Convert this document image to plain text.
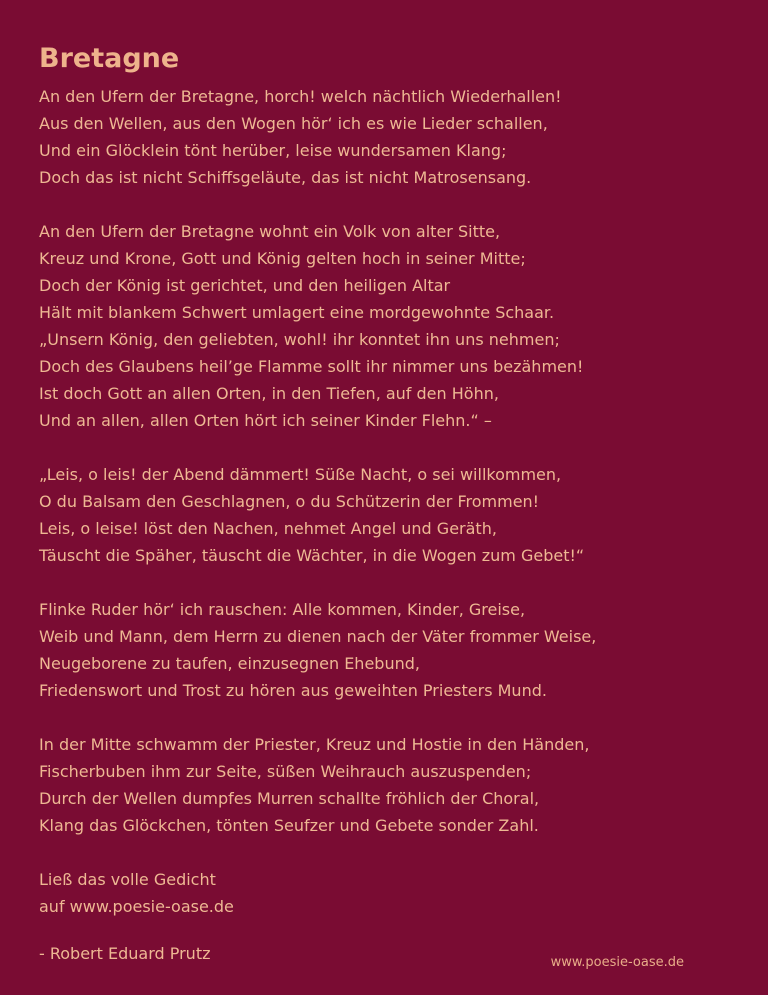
Bretagne
An den Ufern der Bretagne, horch! welch nächtlich Wiederhallen!
Aus den Wellen, aus den Wogen hör‘ ich es wie Lieder schallen,
Und ein Glöcklein tönt herüber, leise wundersamen Klang;
Doch das ist nicht Schiffsgeläute, das ist nicht Matrosensang.
An den Ufern der Bretagne wohnt ein Volk von alter Sitte,
Kreuz und Krone, Gott und König gelten hoch in seiner Mitte;
Doch der König ist gerichtet, und den heiligen Altar
Hält mit blankem Schwert umlagert eine mordgewohnte Schaar.
„Unsern König, den geliebten, wohl! ihr konntet ihn uns nehmen;
Doch des Glaubens heil’ge Flamme sollt ihr nimmer uns bezähmen!
Ist doch Gott an allen Orten, in den Tiefen, auf den Höhn,
Und an allen, allen Orten hört ich seiner Kinder Flehn.“ –
„Leis, o leis! der Abend dämmert! Süße Nacht, o sei willkommen,
O du Balsam den Geschlagnen, o du Schützerin der Frommen!
Leis, o leise! löst den Nachen, nehmet Angel und Geräth,
Täuscht die Späher, täuscht die Wächter, in die Wogen zum Gebet!“
Flinke Ruder hör‘ ich rauschen: Alle kommen, Kinder, Greise,
Weib und Mann, dem Herrn zu dienen nach der Väter frommer Weise,
Neugeborene zu taufen, einzusegnen Ehebund,
Friedenswort und Trost zu hören aus geweihten Priesters Mund.
In der Mitte schwamm der Priester, Kreuz und Hostie in den Händen,
Fischerbuben ihm zur Seite, süßen Weihrauch auszuspenden;
Durch der Wellen dumpfes Murren schallte fröhlich der Choral,
Klang das Glöckchen, tönten Seufzer und Gebete sonder Zahl.
Ließ das volle Gedicht
auf www.poesie-oase.de
- Robert Eduard Prutz	www.poesie-oase.de
